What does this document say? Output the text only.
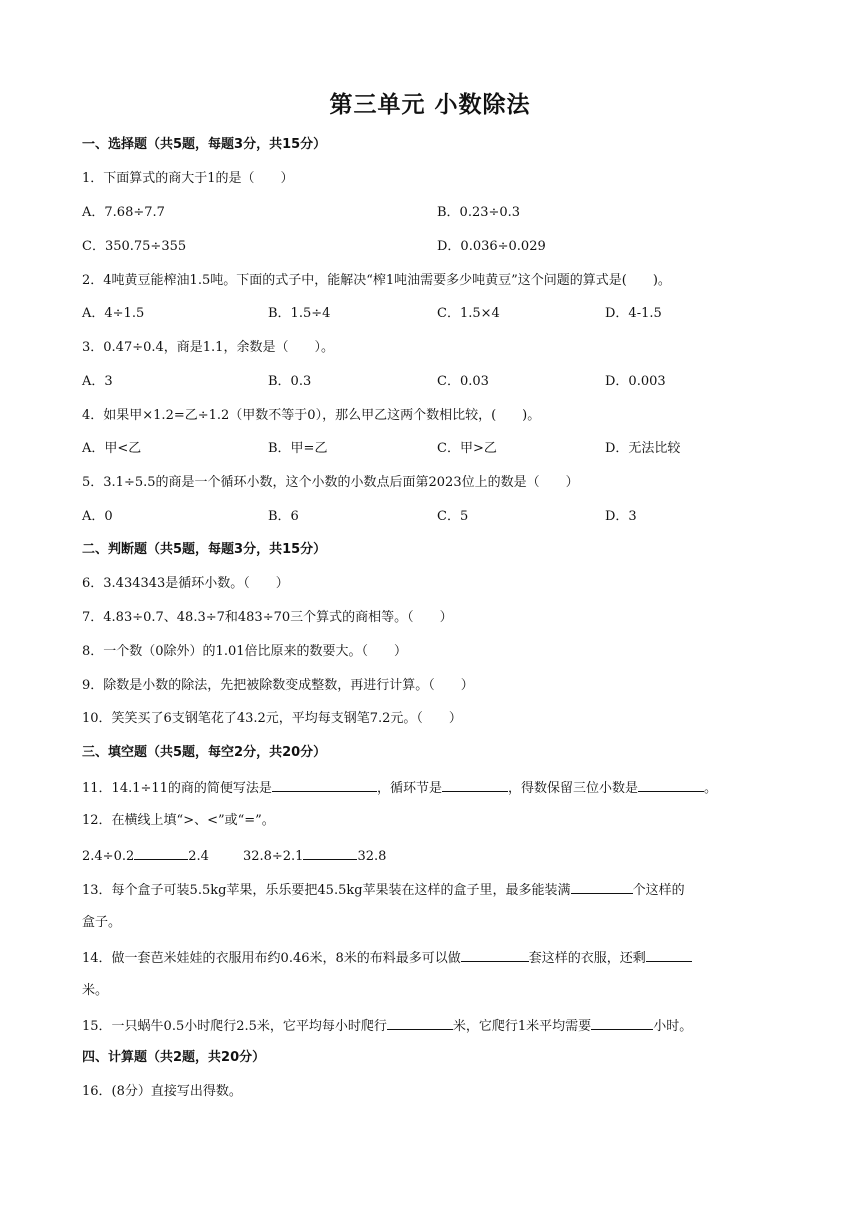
第三单元 小数除法
一、选择题（共5题，每题3分，共15分）
1．下面算式的商大于1的是（　　）
A．7.68÷7.7	B．0.23÷0.3
C．350.75÷355	D．0.036÷0.029
2．4吨黄豆能榨油1.5吨。下面的式子中，能解决“榨1吨油需要多少吨黄豆”这个问题的算式是(　　)。
A．4÷1.5	B．1.5÷4	C．1.5×4	D．4-1.5
3．0.47÷0.4，商是1.1，余数是（　　）。
A．3	B．0.3	C．0.03	D．0.003
4．如果甲×1.2=乙÷1.2（甲数不等于0），那么甲乙这两个数相比较，(　　)。
A．甲<乙	B．甲=乙	C．甲>乙	D．无法比较
5．3.1÷5.5的商是一个循环小数，这个小数的小数点后面第2023位上的数是（　　）
A．0	B．6	C．5	D．3
二、判断题（共5题，每题3分，共15分）
6．3.434343是循环小数。（　　）
7．4.83÷0.7、48.3÷7和483÷70三个算式的商相等。（　　）
8．一个数（0除外）的1.01倍比原来的数要大。（　　）
9．除数是小数的除法，先把被除数变成整数，再进行计算。（　　）
10．笑笑买了6支钢笔花了43.2元，平均每支钢笔7.2元。（　　）
三、填空题（共5题，每空2分，共20分）
11．14.1÷11的商的简便写法是	，循环节是	，得数保留三位小数是	。
12．在横线上填“>、<”或“=”。
2.4÷0.2	2.4	32.8÷2.1	32.8
13．每个盒子可装5.5kg苹果，乐乐要把45.5kg苹果装在这样的盒子里，最多能装满	个这样的
盒子。
14．做一套芭米娃娃的衣服用布约0.46米，8米的布料最多可以做	套这样的衣服，还剩
米。
15．一只蜗牛0.5小时爬行2.5米，它平均每小时爬行	米，它爬行1米平均需要	小时。
四、计算题（共2题，共20分）
16．(8分）直接写出得数。
